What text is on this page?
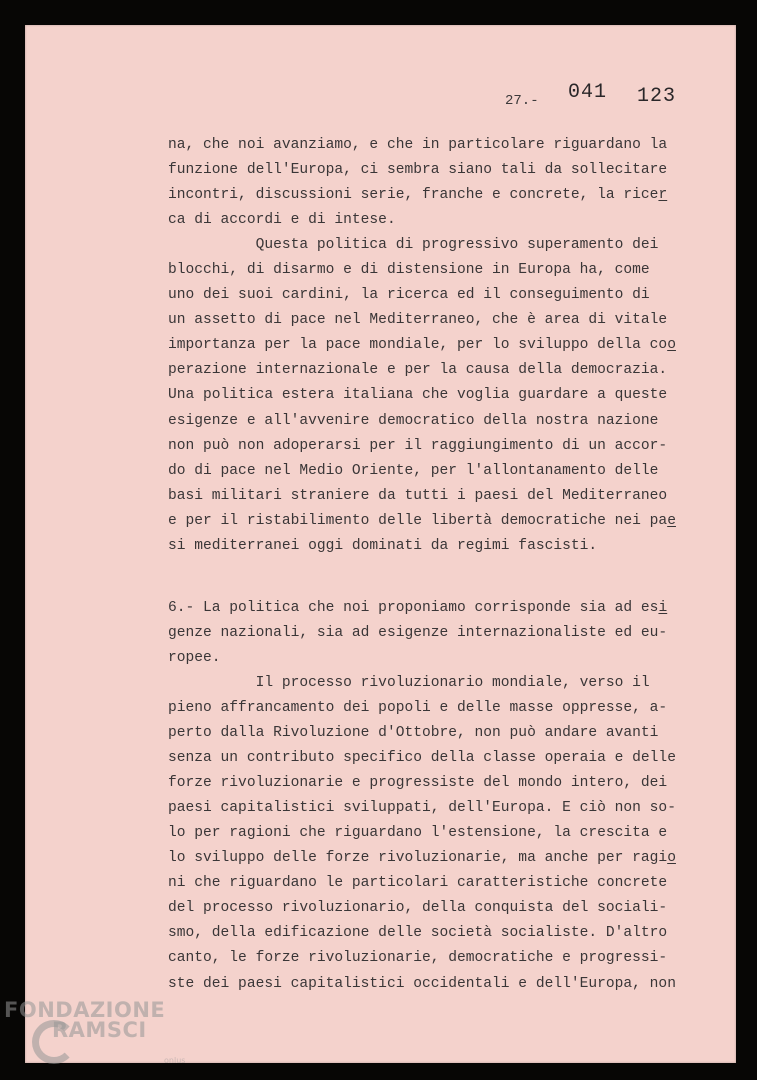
27.- 041 123
na, che noi avanziamo, e che in particolare riguardano la
funzione dell'Europa, ci sembra siano tali da sollecitare
incontri, discussioni serie, franche e concrete, la ricer
ca di accordi e di intese.
Questa politica di progressivo superamento dei
blocchi, di disarmo e di distensione in Europa ha, come
uno dei suoi cardini, la ricerca ed il conseguimento di
un assetto di pace nel Mediterraneo, che è area di vitale
importanza per la pace mondiale, per lo sviluppo della coo
perazione internazionale e per la causa della democrazia.
Una politica estera italiana che voglia guardare a queste
esigenze e all'avvenire democratico della nostra nazione
non può non adoperarsi per il raggiungimento di un accor-
do di pace nel Medio Oriente, per l'allontanamento delle
basi militari straniere da tutti i paesi del Mediterraneo
e per il ristabilimento delle libertà democratiche nei pae
si mediterranei oggi dominati da regimi fascisti.
6.- La politica che noi proponiamo corrisponde sia ad esi
genze nazionali, sia ad esigenze internazionaliste ed eu-
ropee.
Il processo rivoluzionario mondiale, verso il
pieno affrancamento dei popoli e delle masse oppresse, a-
perto dalla Rivoluzione d'Ottobre, non può andare avanti
senza un contributo specifico della classe operaia e delle
forze rivoluzionarie e progressiste del mondo intero, dei
paesi capitalistici sviluppati, dell'Europa. E ciò non so-
lo per ragioni che riguardano l'estensione, la crescita e
lo sviluppo delle forze rivoluzionarie, ma anche per ragio
ni che riguardano le particolari caratteristiche concrete
del processo rivoluzionario, della conquista del sociali-
smo, della edificazione delle società socialiste. D'altro
canto, le forze rivoluzionarie, democratiche e progressi-
ste dei paesi capitalistici occidentali e dell'Europa, non
FONDAZIONE
RAMSCI
onlus
